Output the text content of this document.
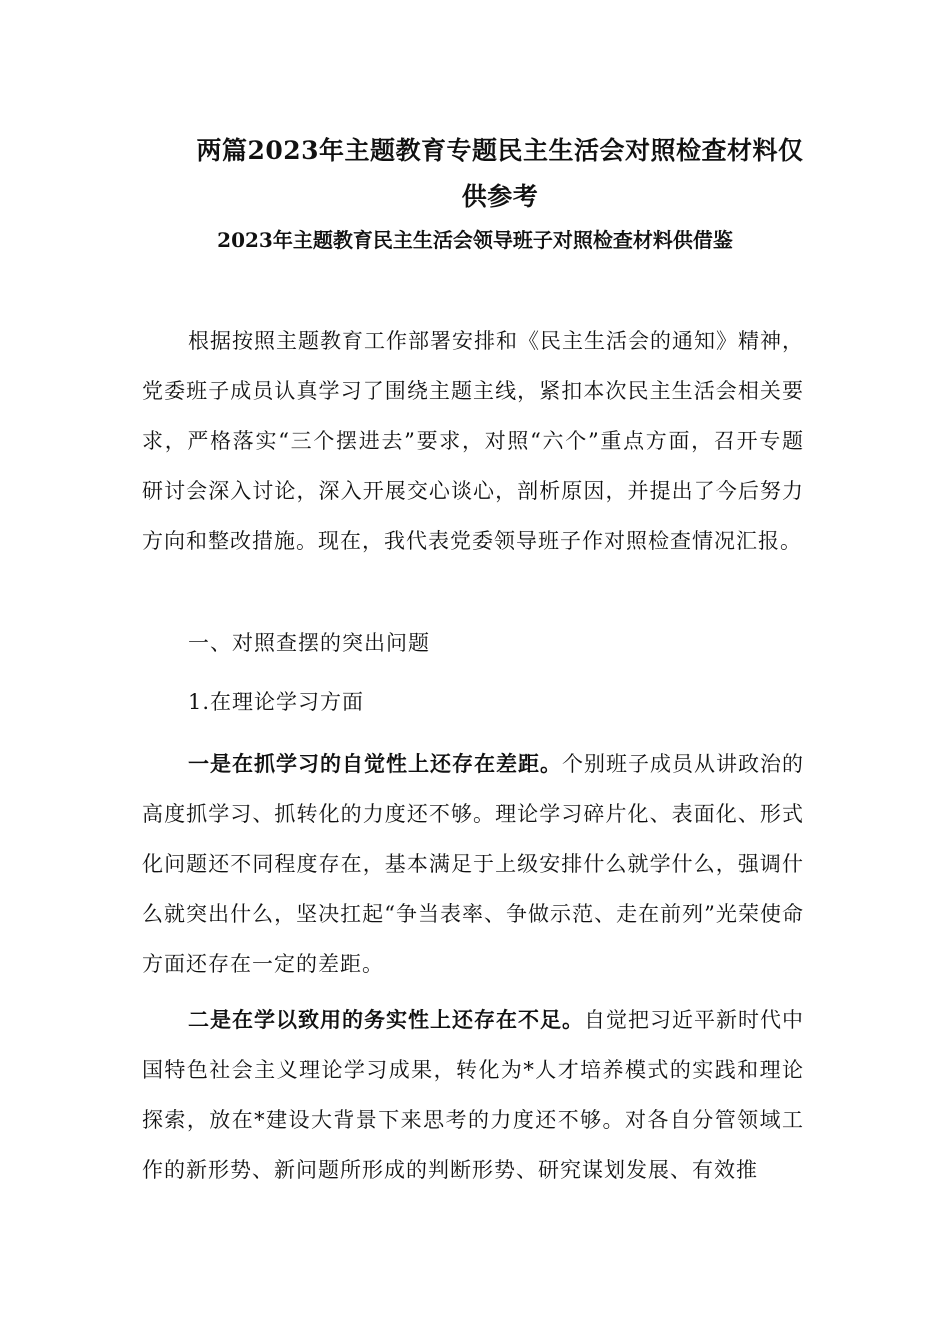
两篇2023年主题教育专题民主生活会对照检查材料仅供参考
2023年主题教育民主生活会领导班子对照检查材料供借鉴

根据按照主题教育工作部署安排和《民主生活会的通知》精神，党委班子成员认真学习了围绕主题主线，紧扣本次民主生活会相关要求，严格落实“三个摆进去”要求，对照“六个”重点方面，召开专题研讨会深入讨论，深入开展交心谈心，剖析原因，并提出了今后努力方向和整改措施。现在，我代表党委领导班子作对照检查情况汇报。

一、对照查摆的突出问题

1.在理论学习方面

一是在抓学习的自觉性上还存在差距。个别班子成员从讲政治的高度抓学习、抓转化的力度还不够。理论学习碎片化、表面化、形式化问题还不同程度存在，基本满足于上级安排什么就学什么，强调什么就突出什么，坚决扛起“争当表率、争做示范、走在前列”光荣使命方面还存在一定的差距。

二是在学以致用的务实性上还存在不足。自觉把习近平新时代中国特色社会主义理论学习成果，转化为*人才培养模式的实践和理论探索，放在*建设大背景下来思考的力度还不够。对各自分管领域工作的新形势、新问题所形成的判断形势、研究谋划发展、有效推
